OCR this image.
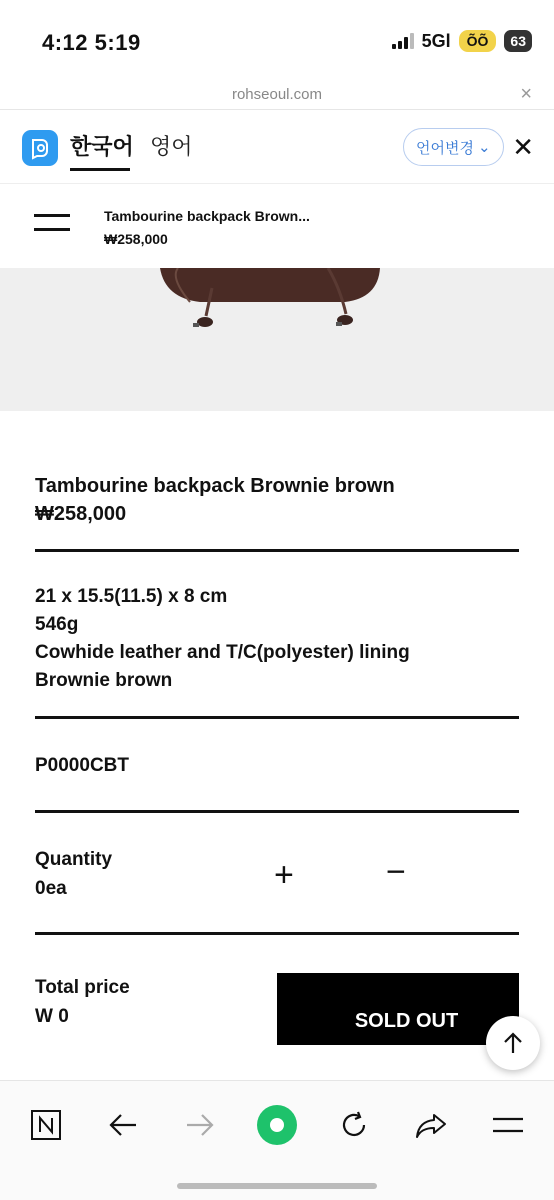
4:12 5:19	5Gl	ÕÕ	63
rohseoul.com	×
한국어 영어	언어변경 ⌄ ✕
Tambourine backpack Brown...
₩258,000
Tambourine backpack Brownie brown
₩258,000
21 x 15.5(11.5) x 8 cm
546g
Cowhide leather and T/C(polyester) lining
Brownie brown
P0000CBT
Quantity
0ea	+	−
Total price
W 0	SOLD OUT
